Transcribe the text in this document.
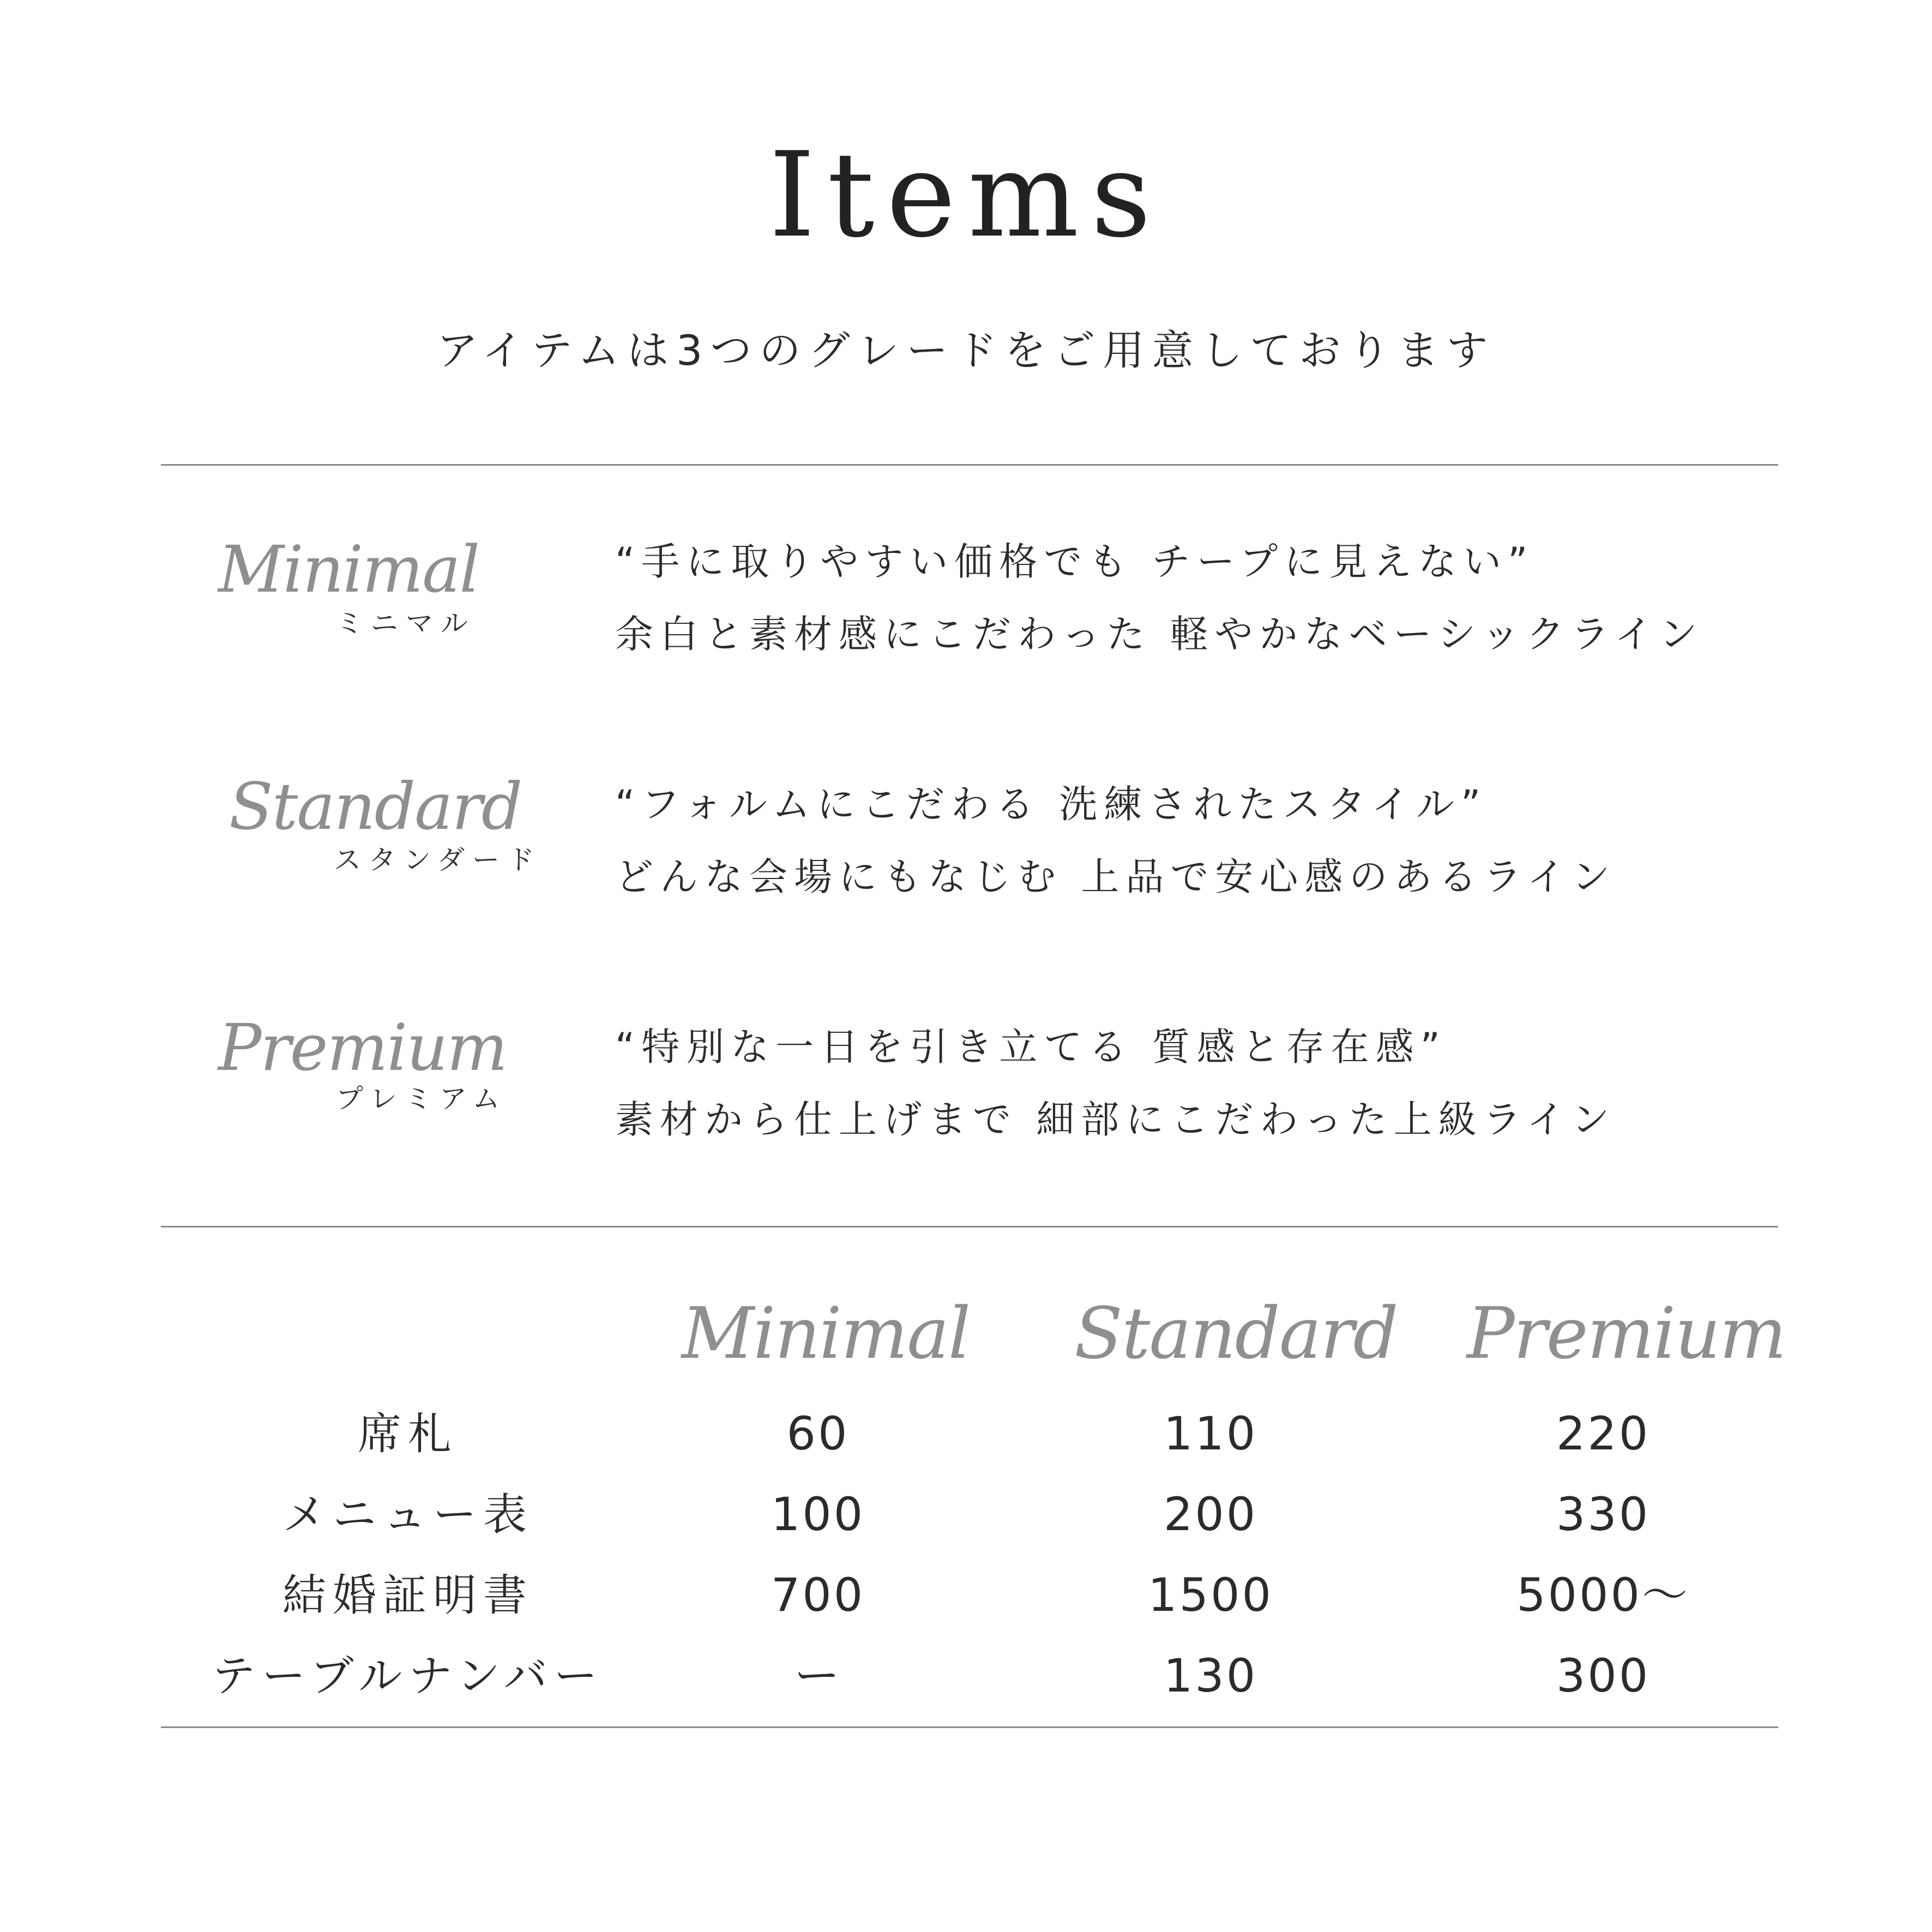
Items
アイテムは3つのグレードをご用意しております
Minimal
ミニマル
“手に取りやすい価格でも チープに見えない”
余白と素材感にこだわった 軽やかなベーシックライン
Standard
スタンダード
“フォルムにこだわる 洗練されたスタイル”
どんな会場にもなじむ 上品で安心感のあるライン
Premium
プレミアム
“特別な一日を引き立てる 質感と存在感”
素材から仕上げまで 細部にこだわった上級ライン
Minimal Standard Premium
席札	60	110	220
メニュー表	100	200	330
結婚証明書	700	1500	5000〜
テーブルナンバー	ー	130	300
